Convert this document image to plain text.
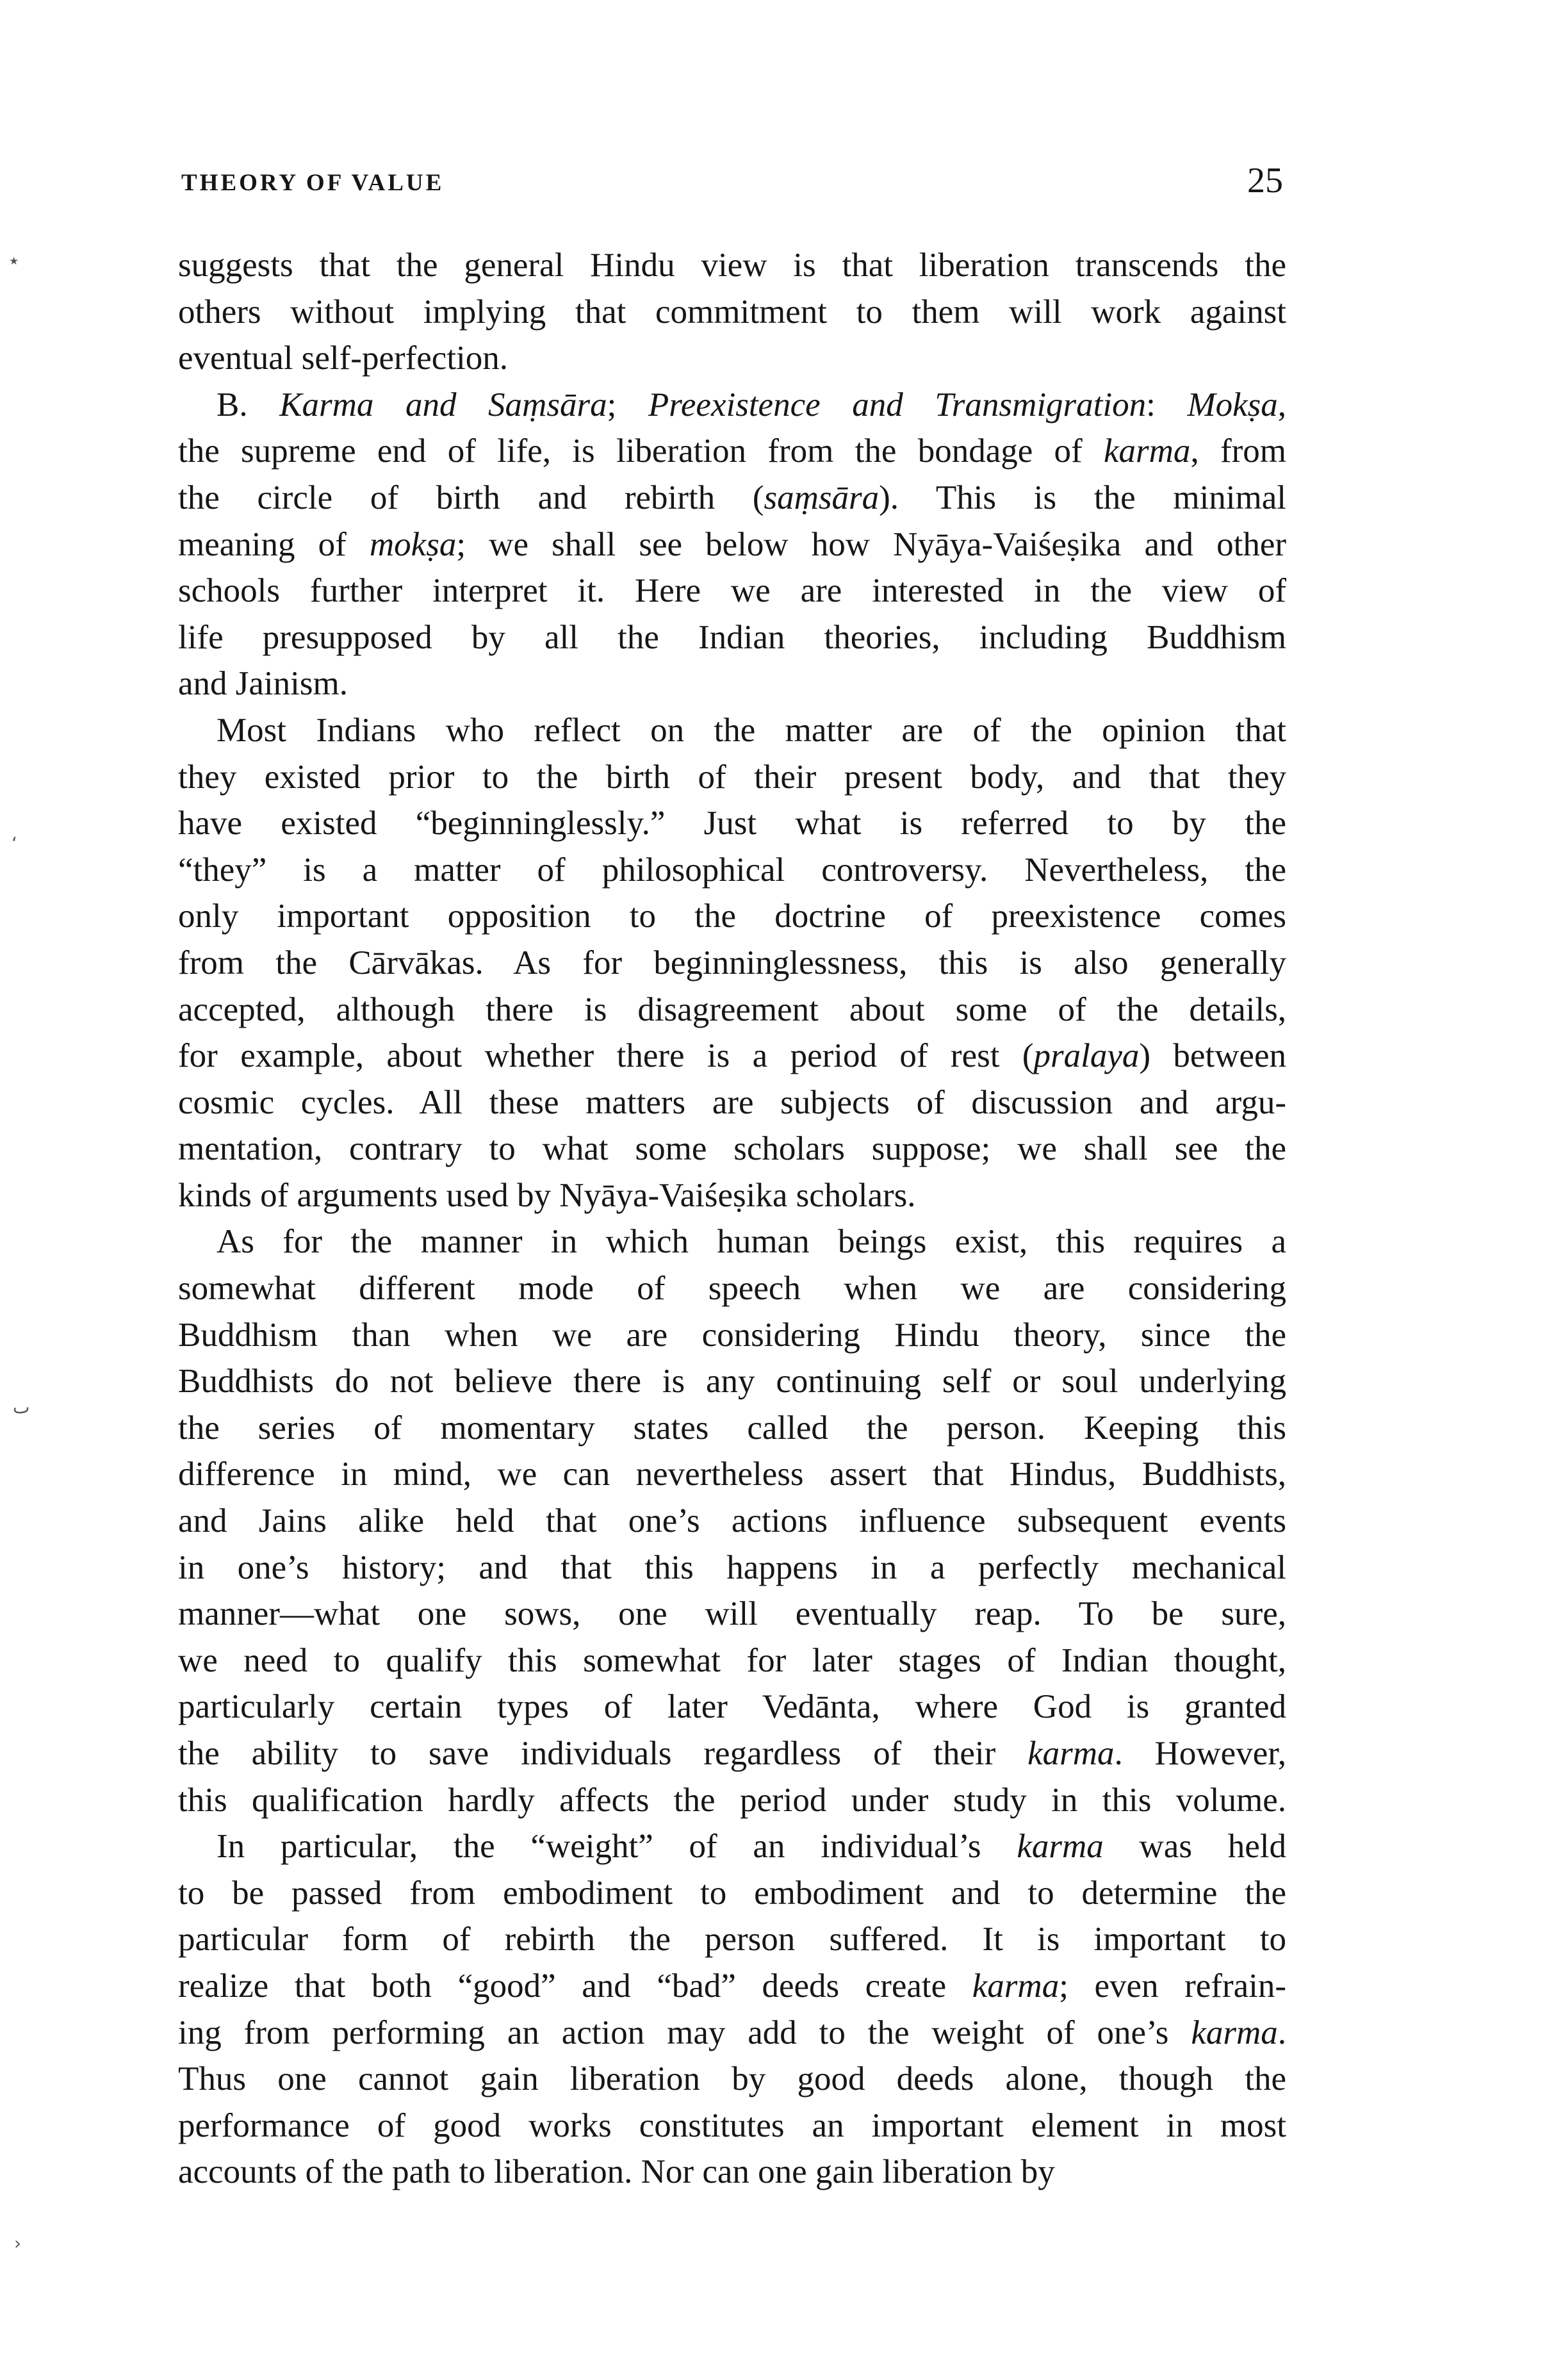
THEORY OF VALUE	25
suggests that the general Hindu view is that liberation transcends the
others without implying that commitment to them will work against
eventual self-perfection.
B. Karma and Saṃsāra; Preexistence and Transmigration: Mokṣa,
the supreme end of life, is liberation from the bondage of karma, from
the circle of birth and rebirth (saṃsāra). This is the minimal
meaning of mokṣa; we shall see below how Nyāya-Vaiśeṣika and other
schools further interpret it. Here we are interested in the view of
life presupposed by all the Indian theories, including Buddhism
and Jainism.
Most Indians who reflect on the matter are of the opinion that
they existed prior to the birth of their present body, and that they
have existed “beginninglessly.” Just what is referred to by the
“they” is a matter of philosophical controversy. Nevertheless, the
only important opposition to the doctrine of preexistence comes
from the Cārvākas. As for beginninglessness, this is also generally
accepted, although there is disagreement about some of the details,
for example, about whether there is a period of rest (pralaya) between
cosmic cycles. All these matters are subjects of discussion and argu-
mentation, contrary to what some scholars suppose; we shall see the
kinds of arguments used by Nyāya-Vaiśeṣika scholars.
As for the manner in which human beings exist, this requires a
somewhat different mode of speech when we are considering
Buddhism than when we are considering Hindu theory, since the
Buddhists do not believe there is any continuing self or soul underlying
the series of momentary states called the person. Keeping this
difference in mind, we can nevertheless assert that Hindus, Buddhists,
and Jains alike held that one’s actions influence subsequent events
in one’s history; and that this happens in a perfectly mechanical
manner—what one sows, one will eventually reap. To be sure,
we need to qualify this somewhat for later stages of Indian thought,
particularly certain types of later Vedānta, where God is granted
the ability to save individuals regardless of their karma. However,
this qualification hardly affects the period under study in this volume.
In particular, the “weight” of an individual’s karma was held
to be passed from embodiment to embodiment and to determine the
particular form of rebirth the person suffered. It is important to
realize that both “good” and “bad” deeds create karma; even refrain-
ing from performing an action may add to the weight of one’s karma.
Thus one cannot gain liberation by good deeds alone, though the
performance of good works constitutes an important element in most
accounts of the path to liberation. Nor can one gain liberation by
٭
‘
ٮ
›
